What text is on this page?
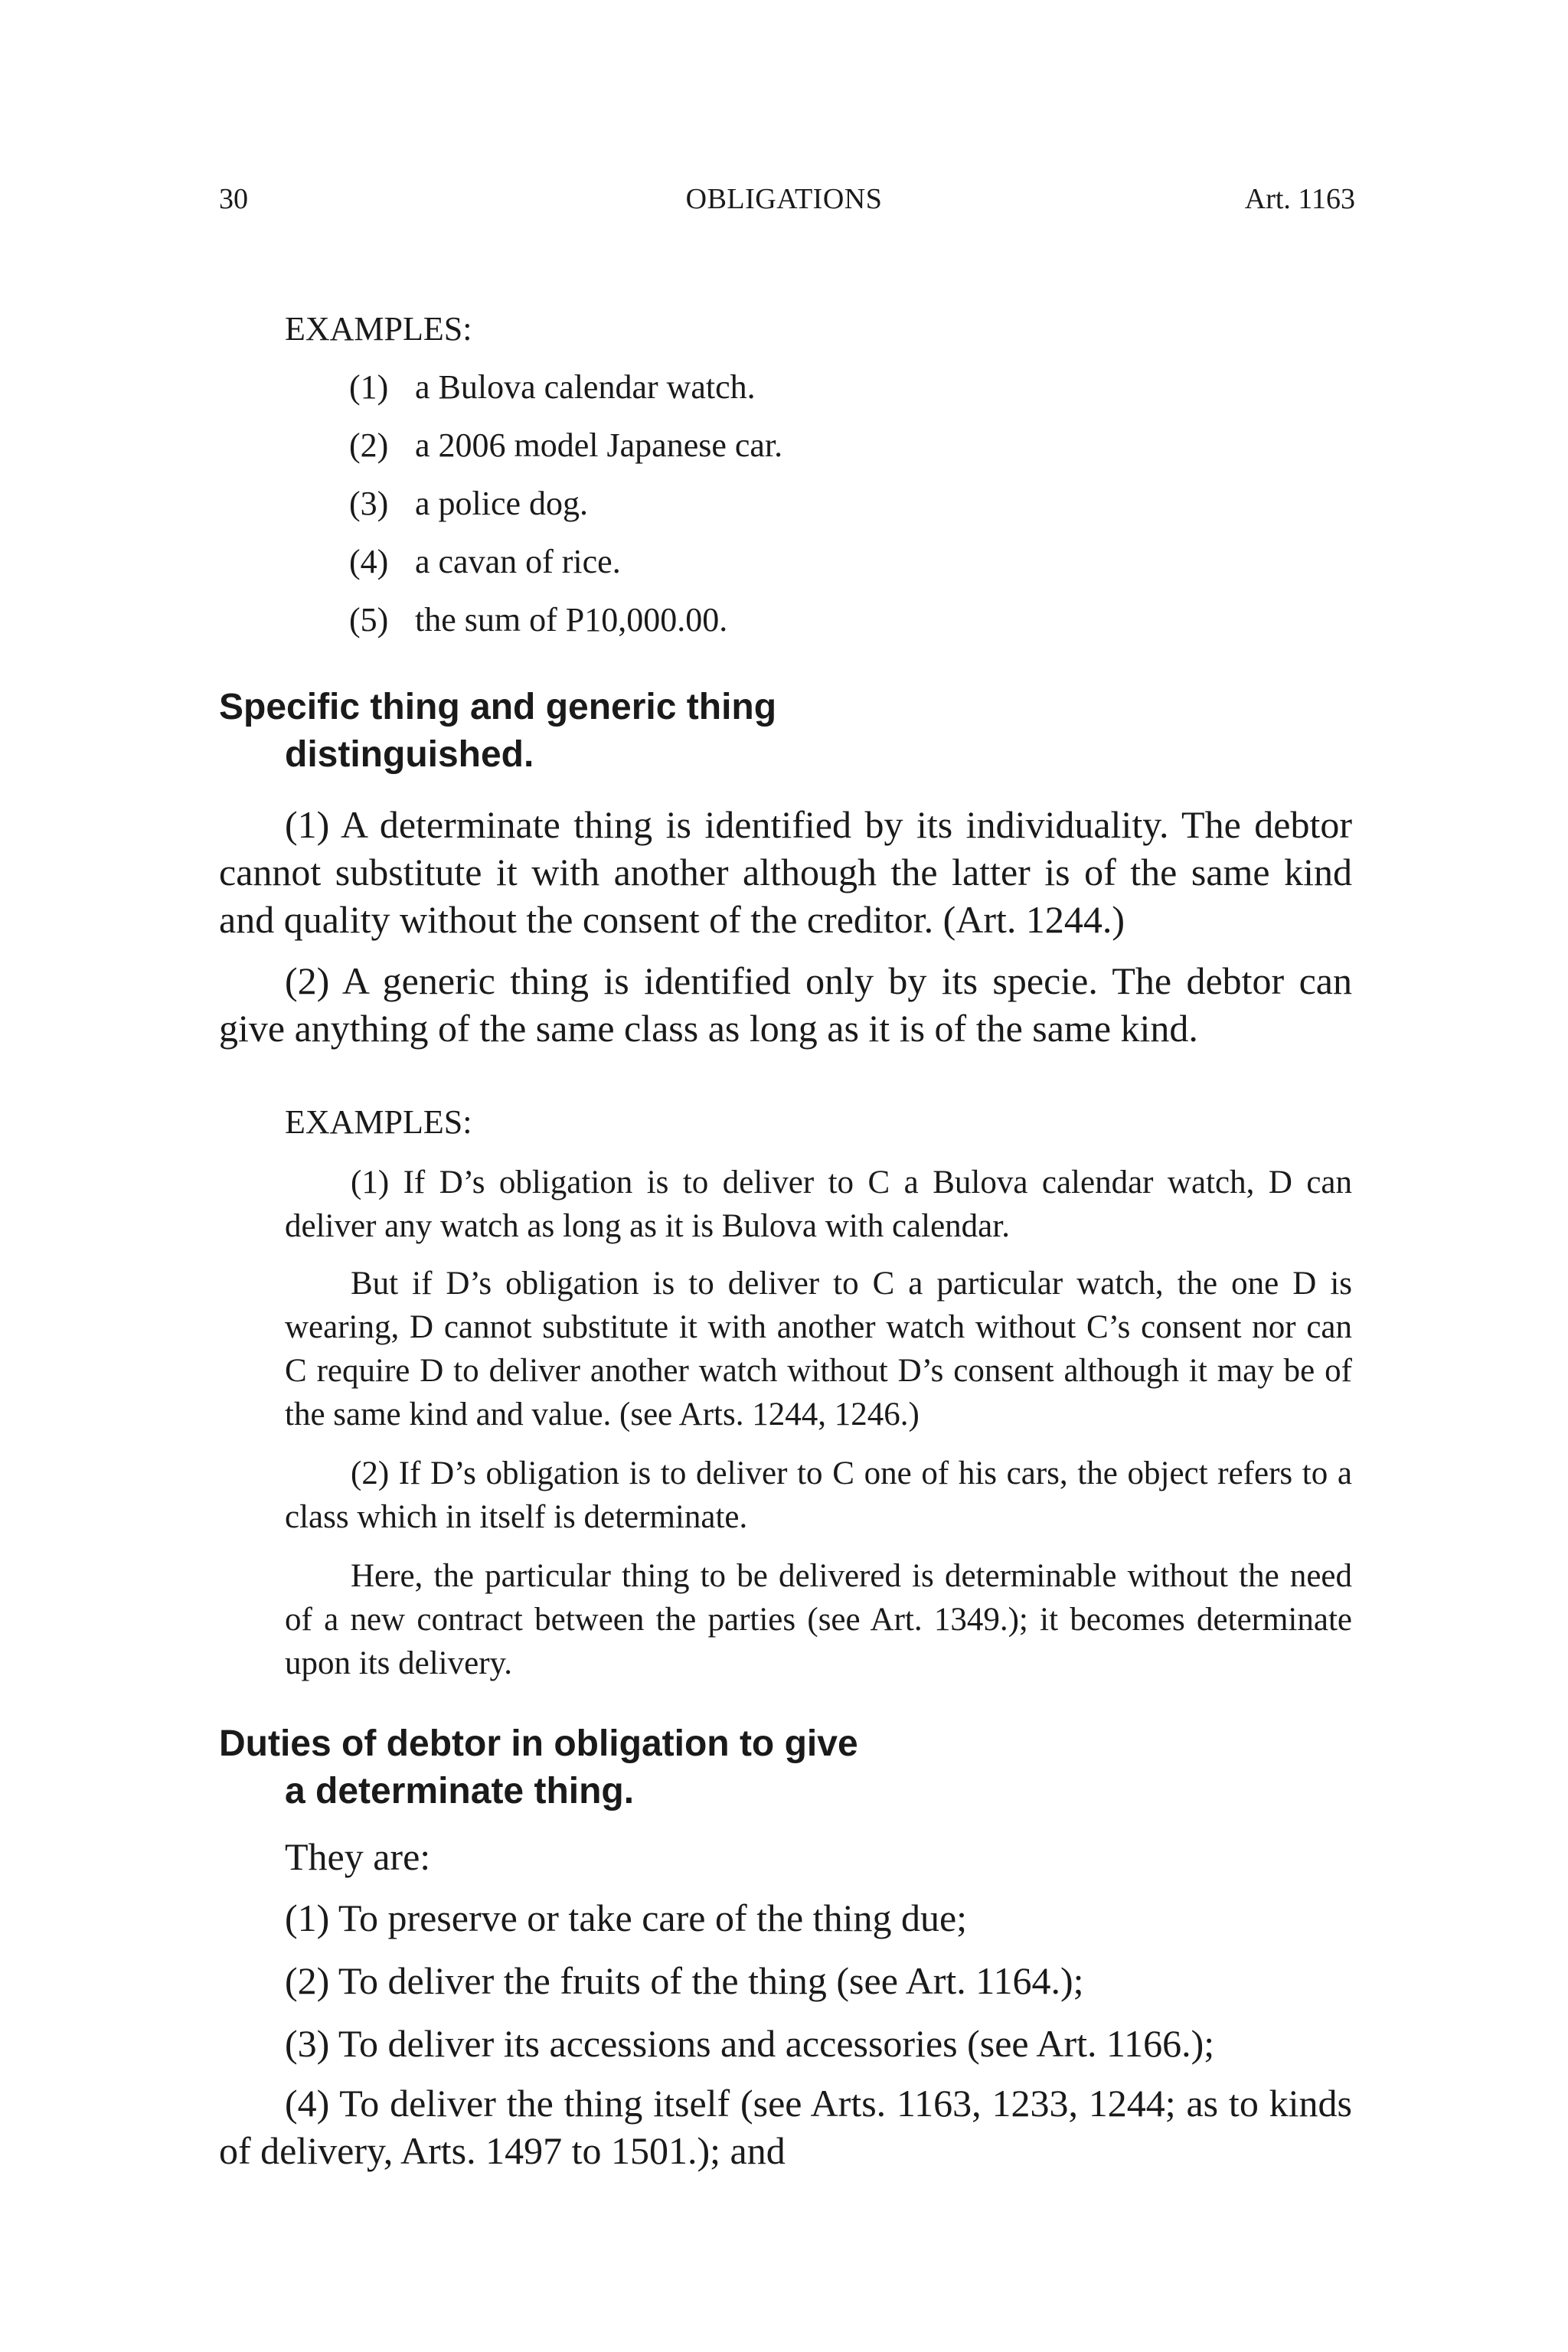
30	OBLIGATIONS	Art. 1163
EXAMPLES:
(1) a Bulova calendar watch.
(2) a 2006 model Japanese car.
(3) a police dog.
(4) a cavan of rice.
(5) the sum of P10,000.00.
Specific thing and generic thing
distinguished.
(1) A determinate thing is identified by its individuality. The debtor cannot substitute it with another although the latter is of the same kind and quality without the consent of the creditor. (Art. 1244.)
(2) A generic thing is identified only by its specie. The debtor can give anything of the same class as long as it is of the same kind.
EXAMPLES:
(1) If D’s obligation is to deliver to C a Bulova calendar watch, D can deliver any watch as long as it is Bulova with calendar.
But if D’s obligation is to deliver to C a particular watch, the one D is wearing, D cannot substitute it with another watch without C’s consent nor can C require D to deliver another watch without D’s consent although it may be of the same kind and value. (see Arts. 1244, 1246.)
(2) If D’s obligation is to deliver to C one of his cars, the object refers to a class which in itself is determinate.
Here, the particular thing to be delivered is determinable without the need of a new contract between the parties (see Art. 1349.); it becomes determinate upon its delivery.
Duties of debtor in obligation to give
a determinate thing.
They are:
(1) To preserve or take care of the thing due;
(2) To deliver the fruits of the thing (see Art. 1164.);
(3) To deliver its accessions and accessories (see Art. 1166.);
(4) To deliver the thing itself (see Arts. 1163, 1233, 1244; as to kinds of delivery, Arts. 1497 to 1501.); and
